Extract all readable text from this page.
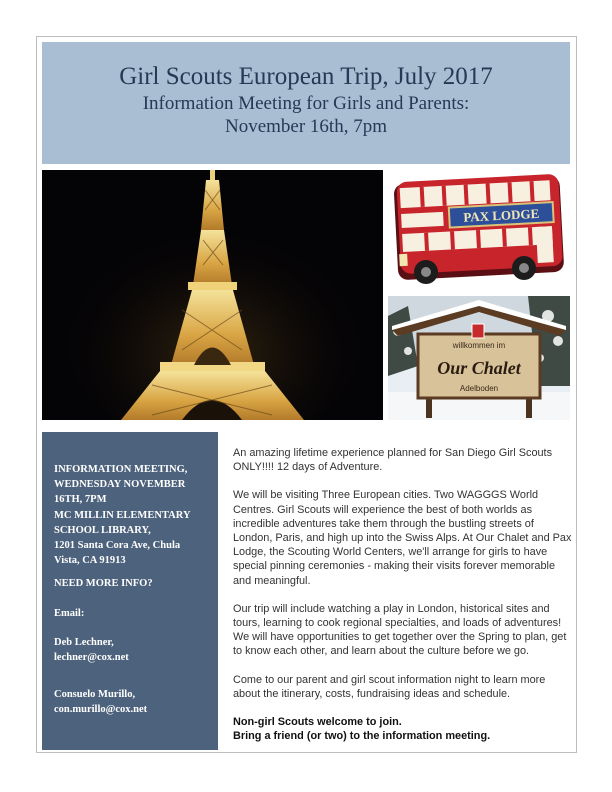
Girl Scouts European Trip, July 2017
Information Meeting for Girls and Parents:
November 16th, 7pm
PAX LODGE
willkommen im
Our Chalet
Adelboden

INFORMATION MEETING,

WEDNESDAY NOVEMBER

16TH, 7PM

MC MILLIN ELEMENTARY

SCHOOL LIBRARY,

1201 Santa Cora Ave, Chula

Vista, CA 91913

NEED MORE INFO?

Email:

Deb Lechner,

lechner@cox.net

Consuelo Murillo,

con.murillo@cox.net

An amazing lifetime experience planned for San Diego Girl Scouts ONLY!!!! 12 days of Adventure.

We will be visiting Three European cities. Two WAGGGS World Centres. Girl Scouts will experience the best of both worlds as incredible adventures take them through the bustling streets of London, Paris, and high up into the Swiss Alps. At Our Chalet and Pax Lodge, the Scouting World Centers, we'll arrange for girls to have special pinning ceremonies - making their visits forever memorable and meaningful.

Our trip will include watching a play in London, historical sites and tours, learning to cook regional specialties, and loads of adventures! We will have opportunities to get together over the Spring to plan, get to know each other, and learn about the culture before we go.

Come to our parent and girl scout information night to learn more about the itinerary, costs, fundraising ideas and schedule.

Non-girl Scouts welcome to join.

Bring a friend (or two) to the information meeting.
